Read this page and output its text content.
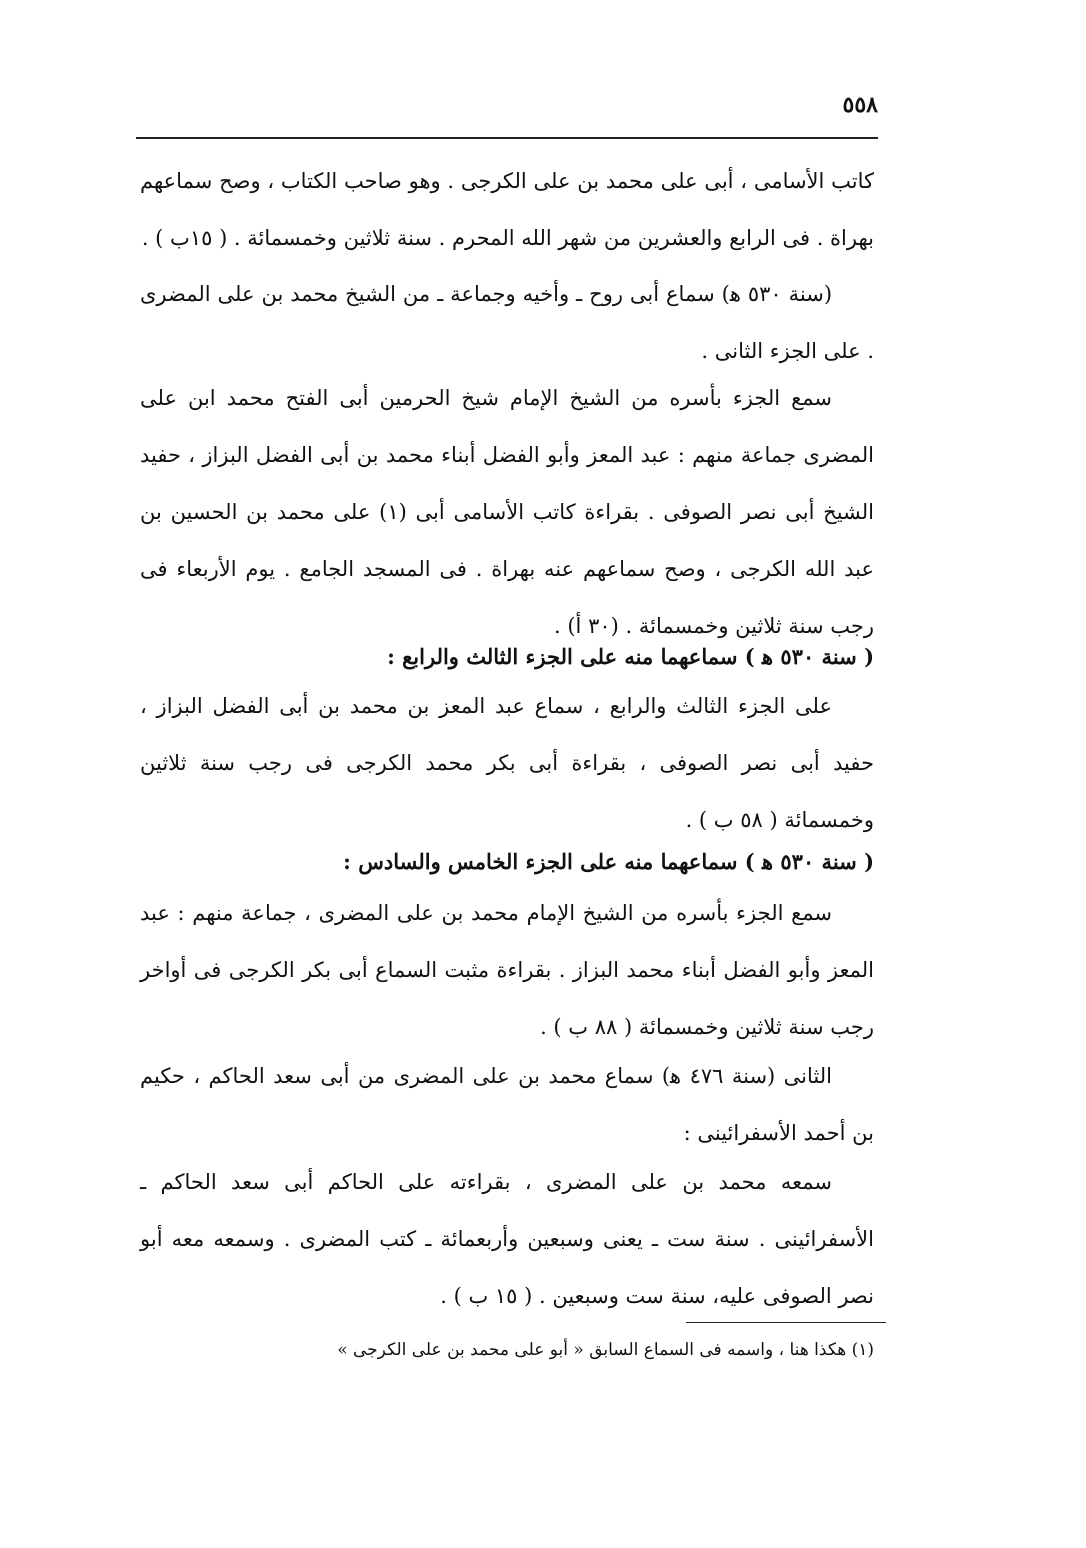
٥٥٨

كاتب الأسامى ، أبى على محمد بن على الكرجى . وهو صاحب الكتاب ، وصح سماعهم بهراة . فى الرابع والعشرين من شهر الله المحرم . سنة ثلاثين وخمسمائة . ( ١٥ب ) .

(سنة ٥٣٠ ﻫ) سماع أبى روح ـ وأخيه وجماعة ـ من الشيخ محمد بن على المضرى . على الجزء الثانى .

سمع الجزء بأسره من الشيخ الإمام شيخ الحرمين أبى الفتح محمد ابن على المضرى جماعة منهم : عبد المعز وأبو الفضل أبناء محمد بن أبى الفضل البزاز ، حفيد الشيخ أبى نصر الصوفى . بقراءة كاتب الأسامى أبى (١) على محمد بن الحسين بن عبد الله الكرجى ، وصح سماعهم عنه بهراة . فى المسجد الجامع . يوم الأربعاء فى رجب سنة ثلاثين وخمسمائة . (٣٠ أ) .

( سنة ٥٣٠ ﻫ ) سماعهما منه على الجزء الثالث والرابع :

على الجزء الثالث والرابع ، سماع عبد المعز بن محمد بن أبى الفضل البزاز ، حفيد أبى نصر الصوفى ، بقراءة أبى بكر محمد الكرجى فى رجب سنة ثلاثين وخمسمائة ( ٥٨ ب ) .

( سنة ٥٣٠ ﻫ ) سماعهما منه على الجزء الخامس والسادس :

سمع الجزء بأسره من الشيخ الإمام محمد بن على المضرى ، جماعة منهم : عبد المعز وأبو الفضل أبناء محمد البزاز . بقراءة مثبت السماع أبى بكر الكرجى فى أواخر رجب سنة ثلاثين وخمسمائة ( ٨٨ ب ) .

الثانى (سنة ٤٧٦ ﻫ) سماع محمد بن على المضرى من أبى سعد الحاكم ، حكيم بن أحمد الأسفرائينى :

سمعه محمد بن على المضرى ، بقراءته على الحاكم أبى سعد الحاكم ـ الأسفرائينى . سنة ست ـ يعنى وسبعين وأربعمائة ـ كتب المضرى . وسمعه معه أبو نصر الصوفى عليه، سنة ست وسبعين . ( ١٥ ب ) .

(١) هكذا هنا ، واسمه فى السماع السابق « أبو على محمد بن على الكرجى »
